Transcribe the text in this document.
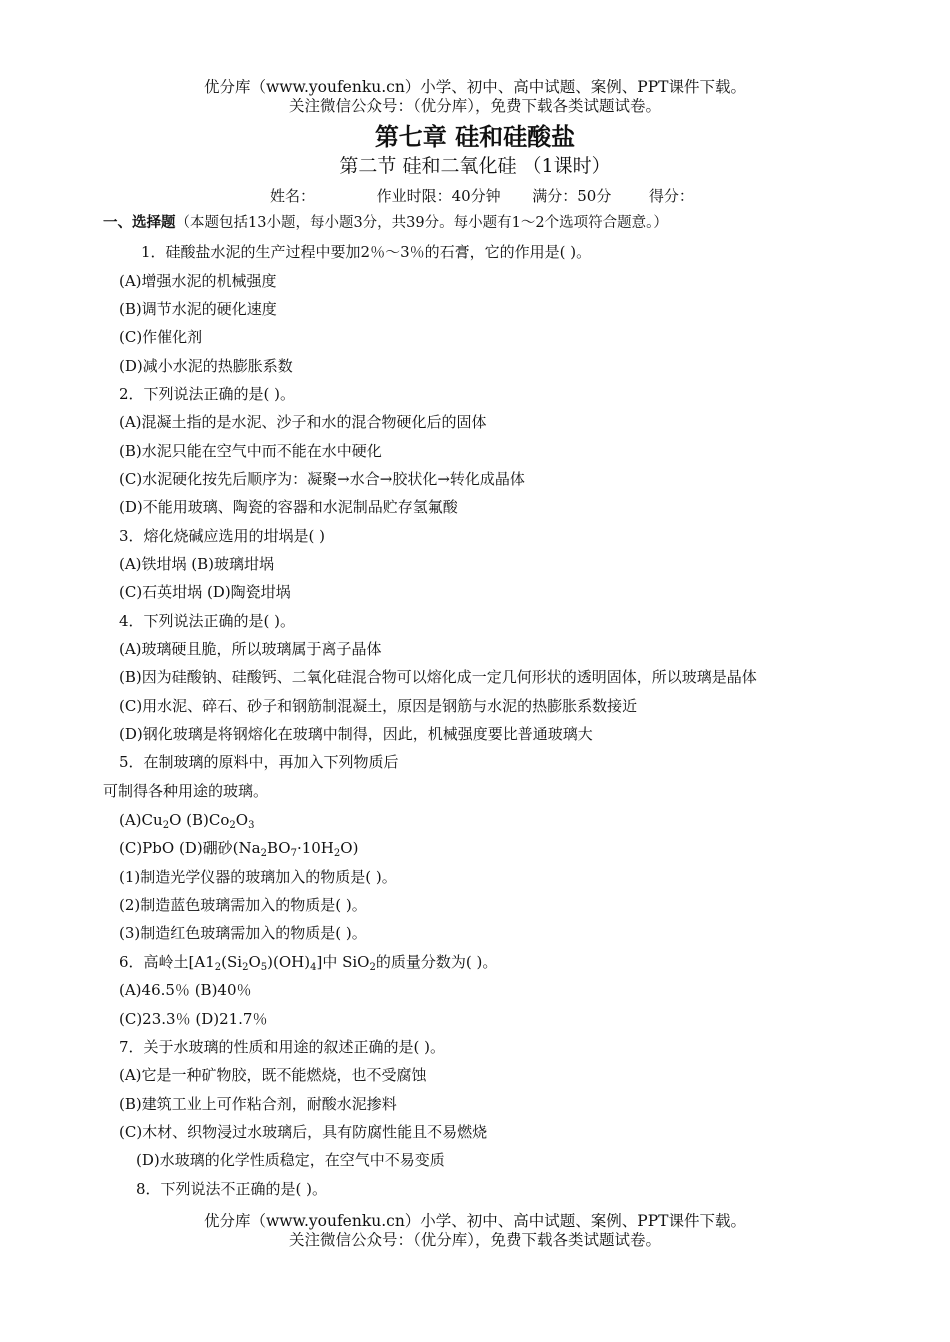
优分库（www.youfenku.cn）小学、初中、高中试题、案例、PPT课件下载。
关注微信公众号：（优分库），免费下载各类试题试卷。
第七章 硅和硅酸盐
第二节 硅和二氧化硅 （1课时）
姓名：	作业时限：40分钟 满分：50分	得分：
一、选择题（本题包括13小题，每小题3分，共39分。每小题有1～2个选项符合题意。）
1．硅酸盐水泥的生产过程中要加2％～3％的石膏，它的作用是( )。
(A)增强水泥的机械强度
(B)调节水泥的硬化速度
(C)作催化剂
(D)减小水泥的热膨胀系数
2．下列说法正确的是( )。
(A)混凝土指的是水泥、沙子和水的混合物硬化后的固体
(B)水泥只能在空气中而不能在水中硬化
(C)水泥硬化按先后顺序为：凝聚→水合→胶状化→转化成晶体
(D)不能用玻璃、陶瓷的容器和水泥制品贮存氢氟酸
3．熔化烧碱应选用的坩埚是( )
(A)铁坩埚 (B)玻璃坩埚
(C)石英坩埚 (D)陶瓷坩埚
4．下列说法正确的是( )。
(A)玻璃硬且脆，所以玻璃属于离子晶体
(B)因为硅酸钠、硅酸钙、二氧化硅混合物可以熔化成一定几何形状的透明固体，所以玻璃是晶体
(C)用水泥、碎石、砂子和钢筋制混凝土，原因是钢筋与水泥的热膨胀系数接近
(D)钢化玻璃是将钢熔化在玻璃中制得，因此，机械强度要比普通玻璃大
5．在制玻璃的原料中，再加入下列物质后
可制得各种用途的玻璃。
$(A)Cu_2O$ $(B)Co_2O_3$
(C)PbO (D)硼砂$(Na_2BO_7\cdot 10H_2O)$
(1)制造光学仪器的玻璃加入的物质是( )。
(2)制造蓝色玻璃需加入的物质是( )。
(3)制造红色玻璃需加入的物质是( )。
6．高岭土$[A1_2(Si_2O_5)(OH)_4]$中 SiO$_2$的质量分数为( )。
(A)46.5％ (B)40％
(C)23.3％ (D)21.7％
7．关于水玻璃的性质和用途的叙述正确的是( )。
(A)它是一种矿物胶，既不能燃烧，也不受腐蚀
(B)建筑工业上可作粘合剂，耐酸水泥掺料
(C)木材、织物浸过水玻璃后，具有防腐性能且不易燃烧
(D)水玻璃的化学性质稳定，在空气中不易变质
8．下列说法不正确的是( )。
优分库（www.youfenku.cn）小学、初中、高中试题、案例、PPT课件下载。
关注微信公众号：（优分库），免费下载各类试题试卷。
